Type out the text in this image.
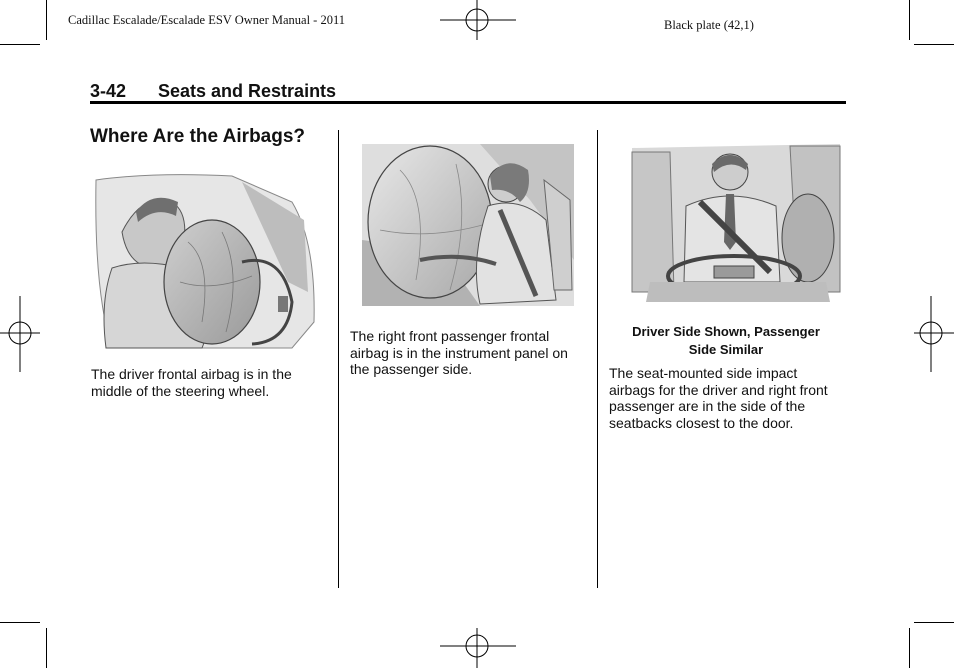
Cadillac Escalade/Escalade ESV Owner Manual - 2011	Black plate (42,1)
3-42 Seats and Restraints
Where Are the Airbags?
The driver frontal airbag is in the
middle of the steering wheel.
The right front passenger frontal
airbag is in the instrument panel on
the passenger side.
Driver Side Shown, Passenger
Side Similar
The seat-mounted side impact
airbags for the driver and right front
passenger are in the side of the
seatbacks closest to the door.
